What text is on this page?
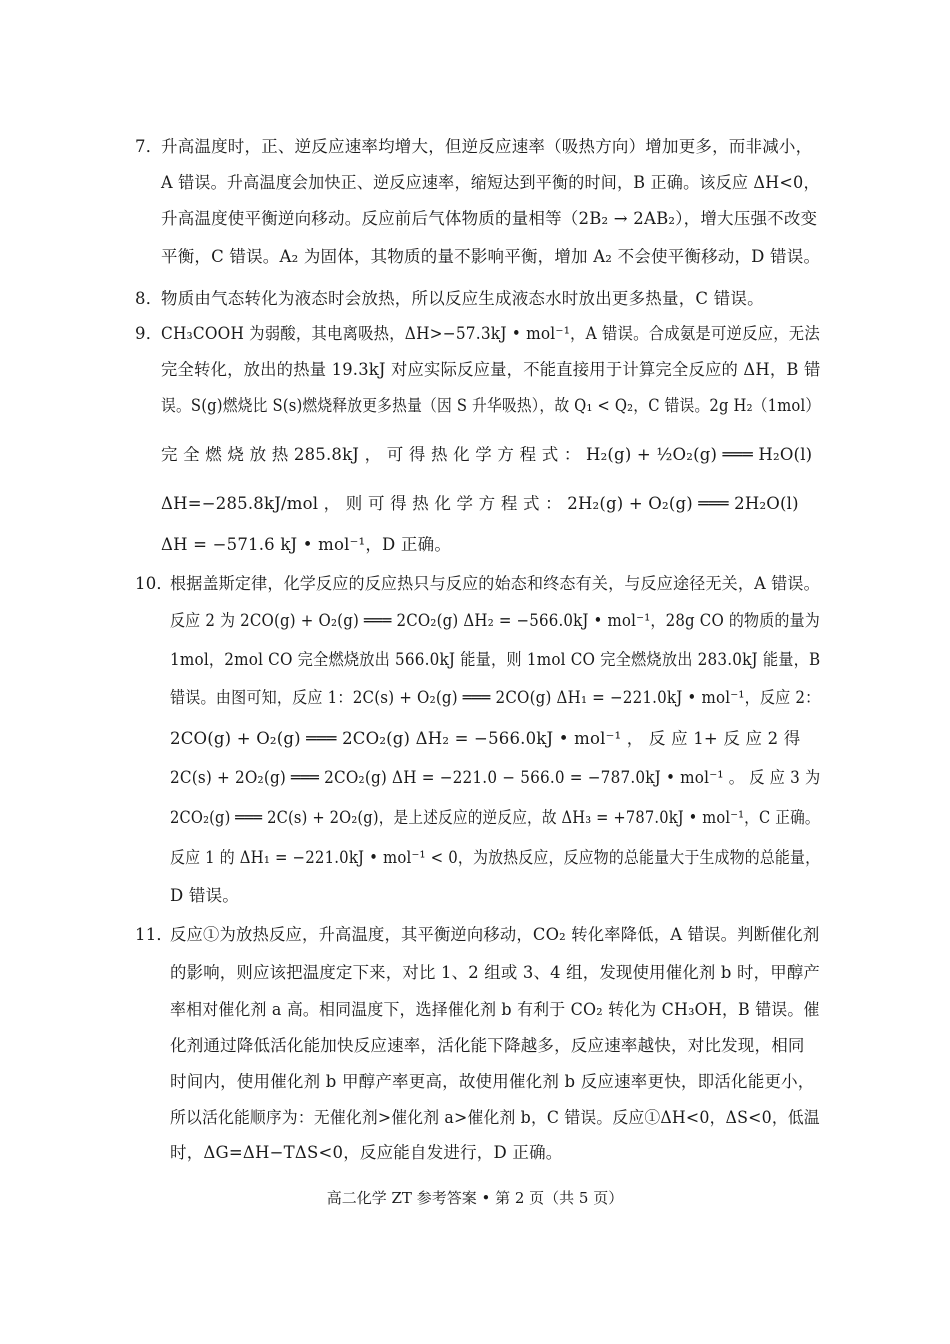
7．
升高温度时，正、逆反应速率均增大，但逆反应速率（吸热方向）增加更多，而非减小，
A 错误。升高温度会加快正、逆反应速率，缩短达到平衡的时间，B 正确。该反应 ΔH<0，
升高温度使平衡逆向移动。反应前后气体物质的量相等（2B₂ → 2AB₂），增大压强不改变
平衡，C 错误。A₂ 为固体，其物质的量不影响平衡，增加 A₂ 不会使平衡移动，D 错误。
8．
物质由气态转化为液态时会放热，所以反应生成液态水时放出更多热量，C 错误。
9．
CH₃COOH 为弱酸，其电离吸热，ΔH>−57.3kJ • mol⁻¹，A 错误。合成氨是可逆反应，无法
完全转化，放出的热量 19.3kJ 对应实际反应量，不能直接用于计算完全反应的 ΔH，B 错
误。S(g)燃烧比 S(s)燃烧释放更多热量（因 S 升华吸热），故 Q₁ < Q₂，C 错误。2g H₂（1mol）
完 全 燃 烧 放 热 285.8kJ ， 可 得 热 化 学 方 程 式 ： H₂(g) + ½O₂(g) ═══ H₂O(l)
ΔH=−285.8kJ/mol ， 则 可 得 热 化 学 方 程 式 ： 2H₂(g) + O₂(g) ═══ 2H₂O(l)
ΔH = −571.6 kJ • mol⁻¹，D 正确。
10．
根据盖斯定律，化学反应的反应热只与反应的始态和终态有关，与反应途径无关，A 错误。
反应 2 为 2CO(g) + O₂(g) ═══ 2CO₂(g) ΔH₂ = −566.0kJ • mol⁻¹，28g CO 的物质的量为
1mol，2mol CO 完全燃烧放出 566.0kJ 能量，则 1mol CO 完全燃烧放出 283.0kJ 能量，B
错误。由图可知，反应 1：2C(s) + O₂(g) ═══ 2CO(g) ΔH₁ = −221.0kJ • mol⁻¹，反应 2：
2CO(g) + O₂(g) ═══ 2CO₂(g) ΔH₂ = −566.0kJ • mol⁻¹ ， 反 应 1+ 反 应 2 得
2C(s) + 2O₂(g) ═══ 2CO₂(g) ΔH = −221.0 − 566.0 = −787.0kJ • mol⁻¹ 。 反 应 3 为
2CO₂(g) ═══ 2C(s) + 2O₂(g)，是上述反应的逆反应，故 ΔH₃ = +787.0kJ • mol⁻¹，C 正确。
反应 1 的 ΔH₁ = −221.0kJ • mol⁻¹ < 0，为放热反应，反应物的总能量大于生成物的总能量，
D 错误。
11．
反应①为放热反应，升高温度，其平衡逆向移动，CO₂ 转化率降低，A 错误。判断催化剂
的影响，则应该把温度定下来，对比 1、2 组或 3、4 组，发现使用催化剂 b 时，甲醇产
率相对催化剂 a 高。相同温度下，选择催化剂 b 有利于 CO₂ 转化为 CH₃OH，B 错误。催
化剂通过降低活化能加快反应速率，活化能下降越多，反应速率越快，对比发现，相同
时间内，使用催化剂 b 甲醇产率更高，故使用催化剂 b 反应速率更快，即活化能更小，
所以活化能顺序为：无催化剂>催化剂 a>催化剂 b，C 错误。反应①ΔH<0，ΔS<0，低温
时，ΔG=ΔH−TΔS<0，反应能自发进行，D 正确。
高二化学 ZT 参考答案 • 第 2 页（共 5 页）
